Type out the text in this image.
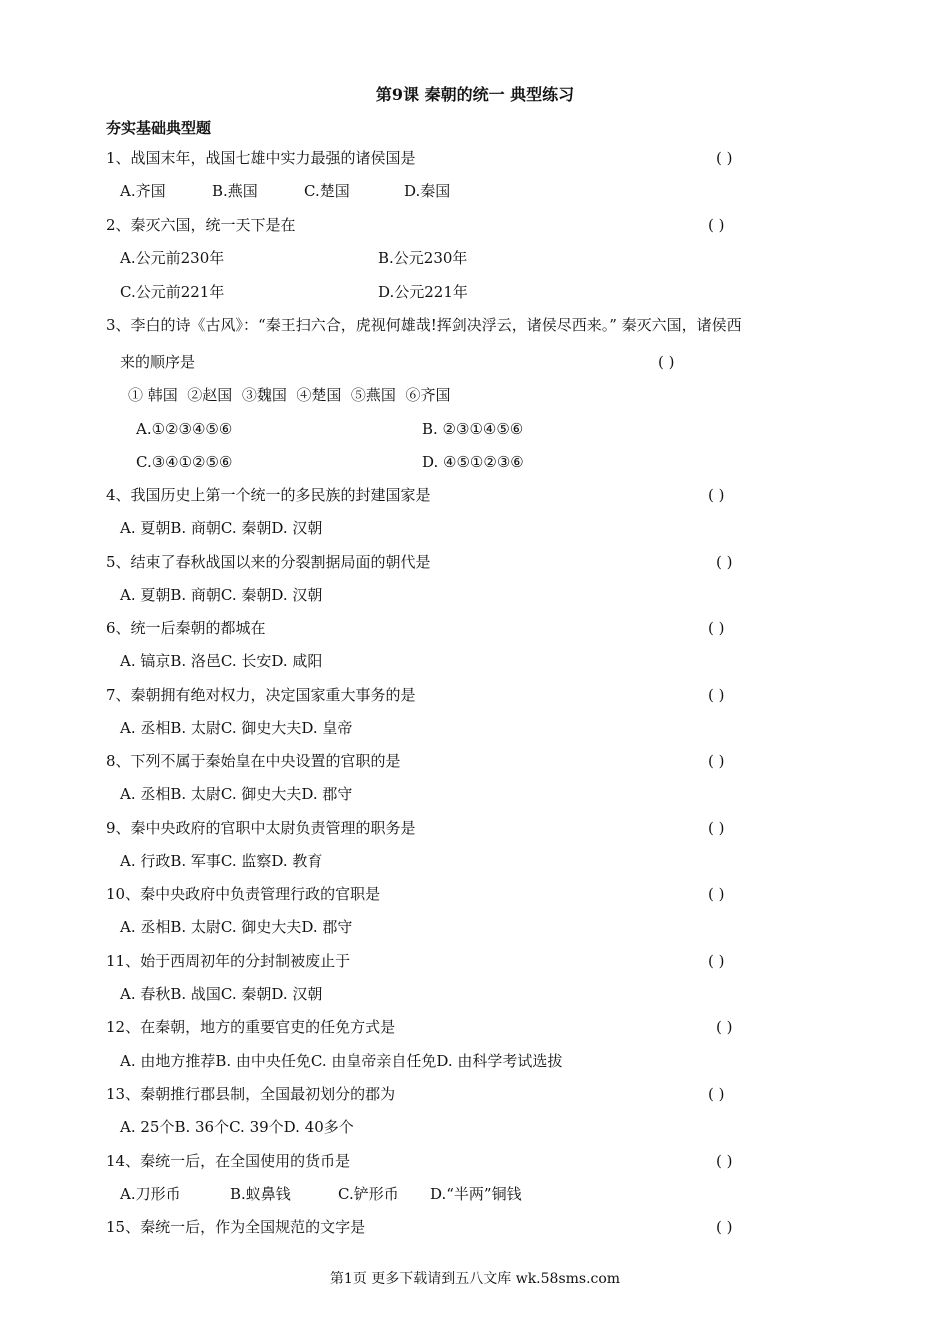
第9课 秦朝的统一 典型练习
夯实基础典型题
1、战国末年，战国七雄中实力最强的诸侯国是	( )
A.齐国	B.燕国	C.楚国	D.秦国
2、秦灭六国，统一天下是在	( )
A.公元前230年	B.公元230年
C.公元前221年	D.公元221年
3、李白的诗《古风》：“秦王扫六合，虎视何雄哉!挥剑决浮云，诸侯尽西来。” 秦灭六国，诸侯西
来的顺序是	( )
① 韩国  ②赵国  ③魏国  ④楚国  ⑤燕国  ⑥齐国
A.①②③④⑤⑥	B. ②③①④⑤⑥
C.③④①②⑤⑥	D. ④⑤①②③⑥
4、我国历史上第一个统一的多民族的封建国家是	( )
A. 夏朝B. 商朝C. 秦朝D. 汉朝
5、结束了春秋战国以来的分裂割据局面的朝代是	( )
A. 夏朝B. 商朝C. 秦朝D. 汉朝
6、统一后秦朝的都城在	( )
A. 镐京B. 洛邑C. 长安D. 咸阳
7、秦朝拥有绝对权力，决定国家重大事务的是	( )
A. 丞相B. 太尉C. 御史大夫D. 皇帝
8、下列不属于秦始皇在中央设置的官职的是	( )
A. 丞相B. 太尉C. 御史大夫D. 郡守
9、秦中央政府的官职中太尉负责管理的职务是	( )
A. 行政B. 军事C. 监察D. 教育
10、秦中央政府中负责管理行政的官职是	( )
A. 丞相B. 太尉C. 御史大夫D. 郡守
11、始于西周初年的分封制被废止于	( )
A. 春秋B. 战国C. 秦朝D. 汉朝
12、在秦朝，地方的重要官吏的任免方式是	( )
A. 由地方推荐B. 由中央任免C. 由皇帝亲自任免D. 由科学考试选拔
13、秦朝推行郡县制，全国最初划分的郡为	( )
A. 25个B. 36个C. 39个D. 40多个
14、秦统一后，在全国使用的货币是	( )
A.刀形币	B.蚁鼻钱	C.铲形币 D.“半两”铜钱
15、秦统一后，作为全国规范的文字是	( )
第1页 更多下载请到五八文库 wk.58sms.com
